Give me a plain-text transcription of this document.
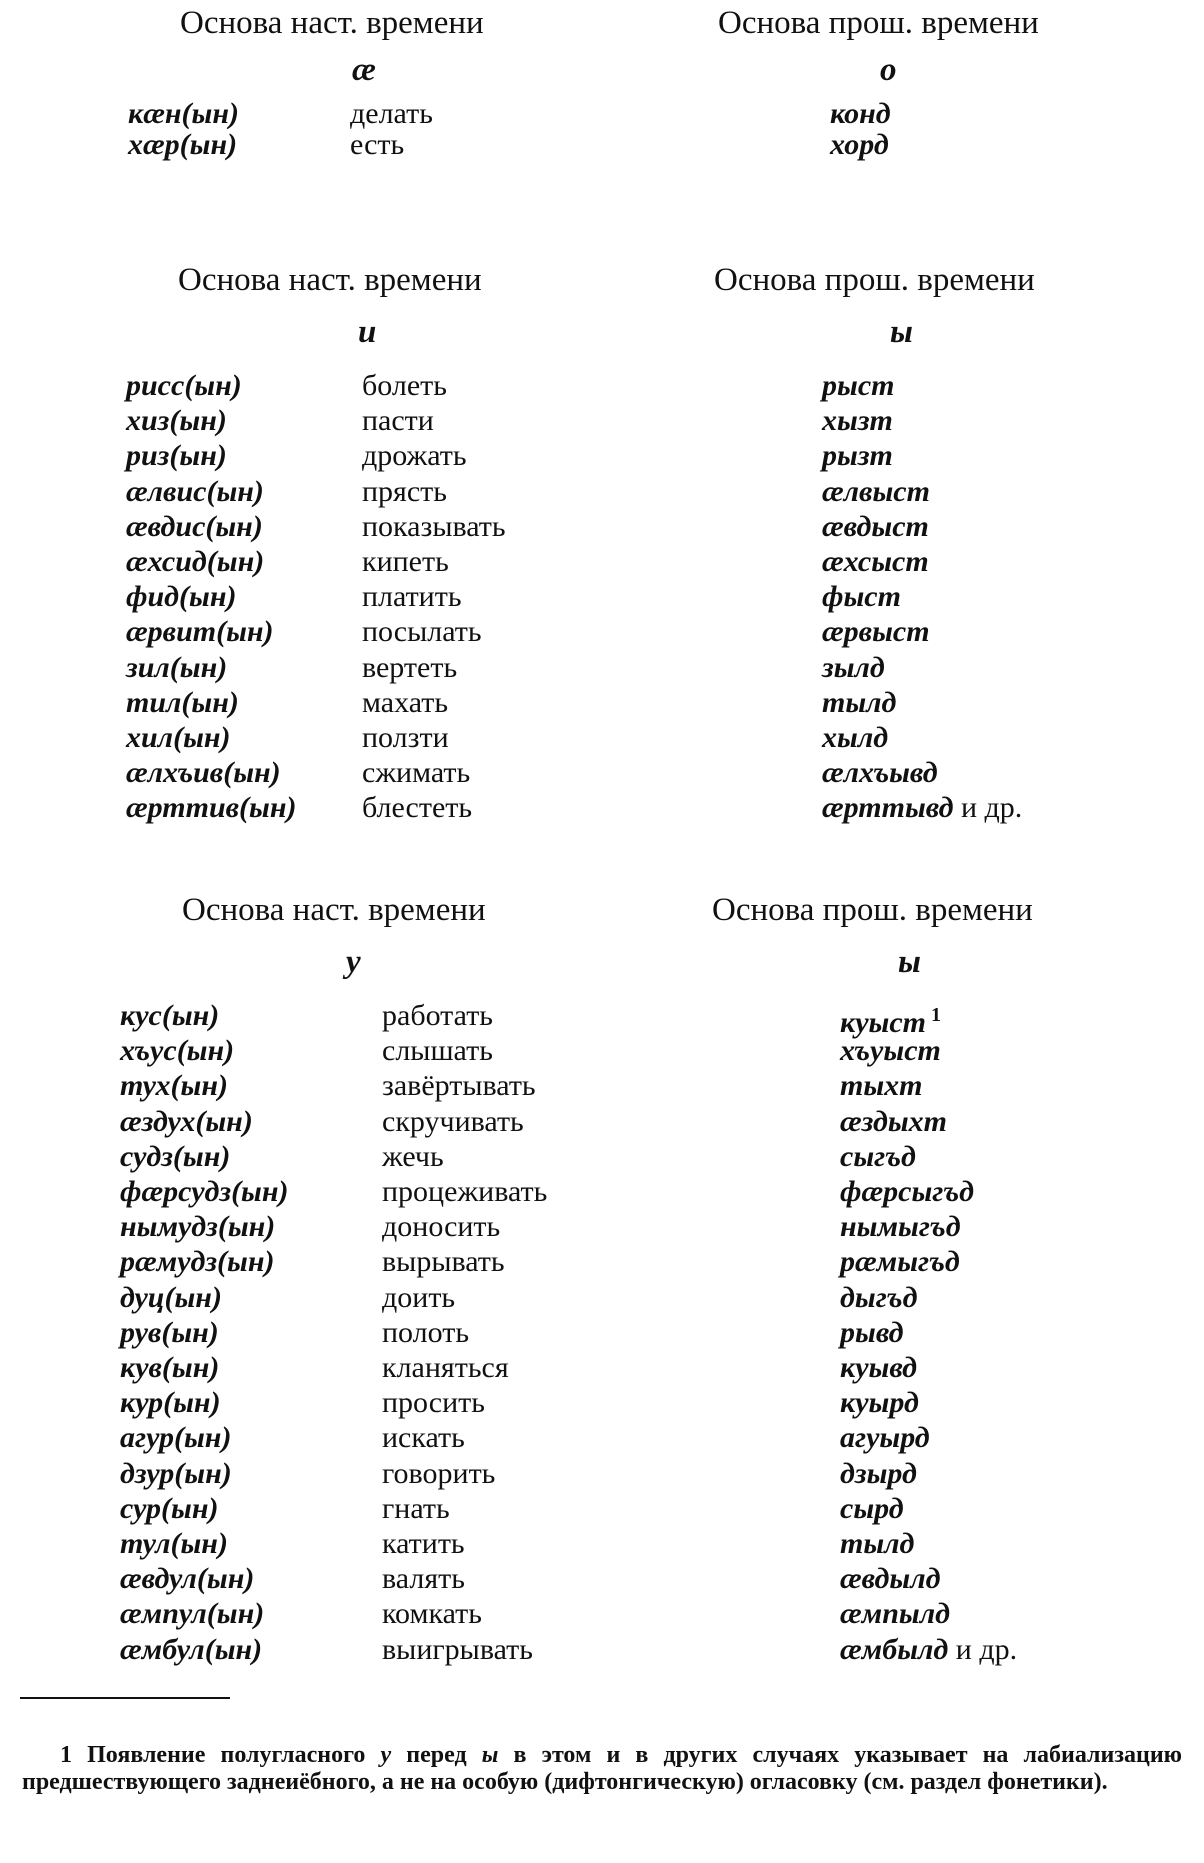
Основа наст. времени	Основа прош. времени
æ	о
кæн(ын)	делать	конд
хæр(ын)	есть	хорд
Основа наст. времени	Основа прош. времени
и	ы
рисс(ын)	болеть	рыст
хиз(ын)	пасти	хызт
риз(ын)	дрожать	рызт
æлвис(ын)	прясть	æлвыст
æвдис(ын)	показывать	æвдыст
æхсид(ын)	кипеть	æхсыст
фид(ын)	платить	фыст
æрвит(ын)	посылать	æрвыст
зил(ын)	вертеть	зылд
тил(ын)	махать	тылд
хил(ын)	ползти	хылд
æлхъив(ын)	сжимать	æлхъывд
æрттив(ын) блестеть	æрттывд и др.
Основа наст. времени	Основа прош. времени
у	ы
кус(ын)	работать	куыст $^1$
хъус(ын)	слышать	хъуыст
тух(ын)	завёртывать	тыхт
æздух(ын)	скручивать	æздыхт
судз(ын)	жечь	сыгъд
фæрсудз(ын)	процеживать	фæрсыгъд
нымудз(ын)	доносить	нымыгъд
рæмудз(ын)	вырывать	рæмыгъд
дуц(ын)	доить	дыгъд
рув(ын)	полоть	рывд
кув(ын)	кланяться	куывд
кур(ын)	просить	куырд
агур(ын)	искать	агуырд
дзур(ын)	говорить	дзырд
сур(ын)	гнать	сырд
тул(ын)	катить	тылд
æвдул(ын)	валять	æвдылд
æмпул(ын)	комкать	æмпылд
æмбул(ын)	выигрывать	æмбылд и др.
1 Появление полугласного у перед ы в этом и в других случаях указывает на лабиализацию предшествующего заднеиёбного, а не на особую (дифтонгическую) огласовку (см. раздел фонетики).
